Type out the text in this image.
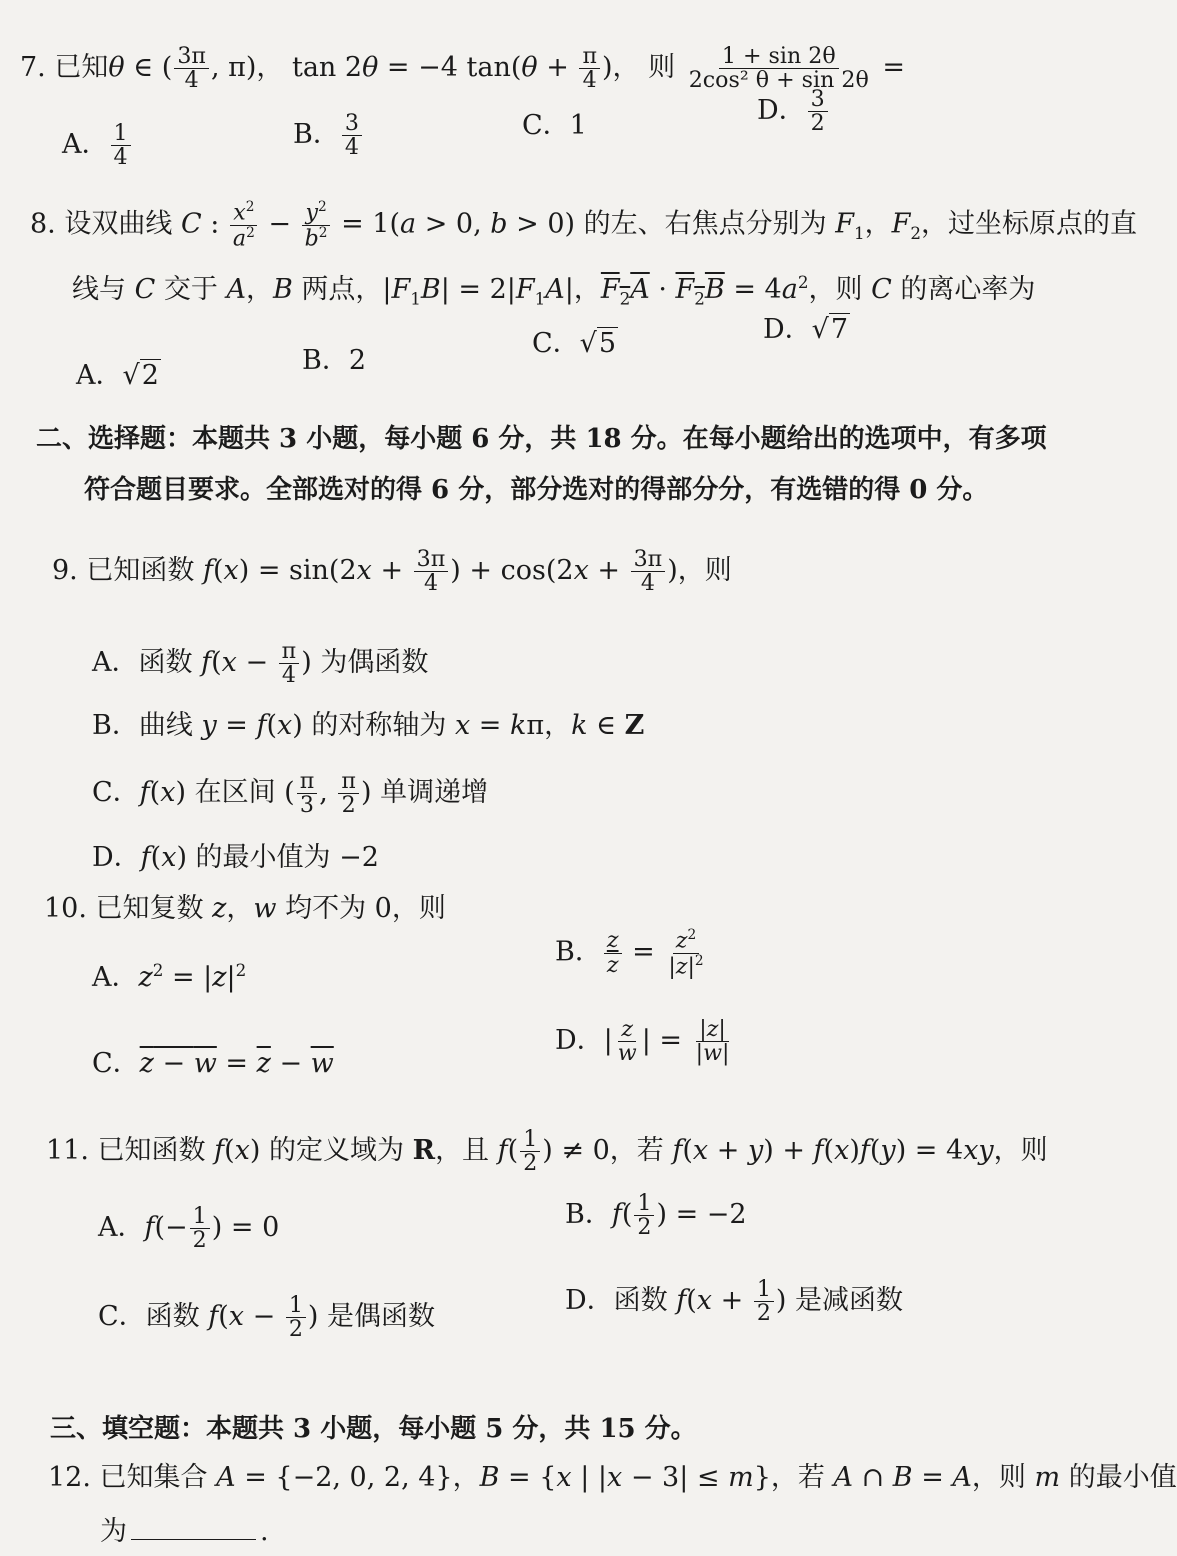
7. 已知θ ∈ ( $\frac{3\pi}{4}$ , π)， tan 2θ = −4 $\tan(\theta + \frac{\pi}{4}$ )， 则 $\frac{1 + \sin 2\theta}{\text{2cos² θ + sin 2θ}}$ =
A． $\frac{1}{4}$	B． $\frac{3}{4}$	C．1	D． $\frac{3}{2}$
8. 设双曲线 C : $\frac{x^2}{a^2} - \frac{y^2}{b^2} = 1(a > 0$, b > 0) 的左、右焦点分别为 $F_1$，$F_2$，过坐标原点的直
线与 C 交于 A，B 两点，$|F_1B| = 2|F_1A|$，$F_2A \cdot F_2B = 4a^2$，则 C 的离心率为
A．√2	B．2
C．√5	D．√7
二、选择题：本题共 3 小题，每小题 6 分，共 18 分。在每小题给出的选项中，有多项
符合题目要求。全部选对的得 6 分，部分选对的得部分分，有选错的得 0 分。
9. 已知函数 $f(x) = \sin(2x + \frac{3\pi}{4}$ ) + $\cos(2x + \frac{3\pi}{4}$ )，则
A．函数 $f(x - \frac{\pi}{4}$ ) 为偶函数
B．曲线 y = f(x) 的对称轴为 x = kπ，k ∈ Z
C．f(x) 在区间 ( $\frac{\pi}{3}$ , $\frac{\pi}{2}$ ) 单调递增
D．f(x) 的最小值为 −2
10. 已知复数 z，w 均不为 0，则
A．$z^2 = |z|^2$
B． $\frac{z}{z} = \frac{z^2}{|z|^2}$
C．$z - w = \overline{z} - \overline{w}$
D．| $\frac{z}{w}$ | = $\frac{|z|}{|w|}$
11. 已知函数 f(x) 的定义域为 R，且 $f( \frac{1}{2}$ ) ≠ 0，若 f(x + y) + f(x)f(y) = 4xy，则
A．$f(- \frac{1}{2}$ ) = 0	B．$f( \frac{1}{2}$ ) = −2
C．函数 $f(x - \frac{1}{2}$ ) 是偶函数
D．函数 $f(x + \frac{1}{2}$ ) 是减函数
三、填空题：本题共 3 小题，每小题 5 分，共 15 分。
12. 已知集合 A = {−2, 0, 2, 4}，B = {x | |x − 3| ≤ m}，若 A ∩ B = A，则 m 的最小值
为	.
